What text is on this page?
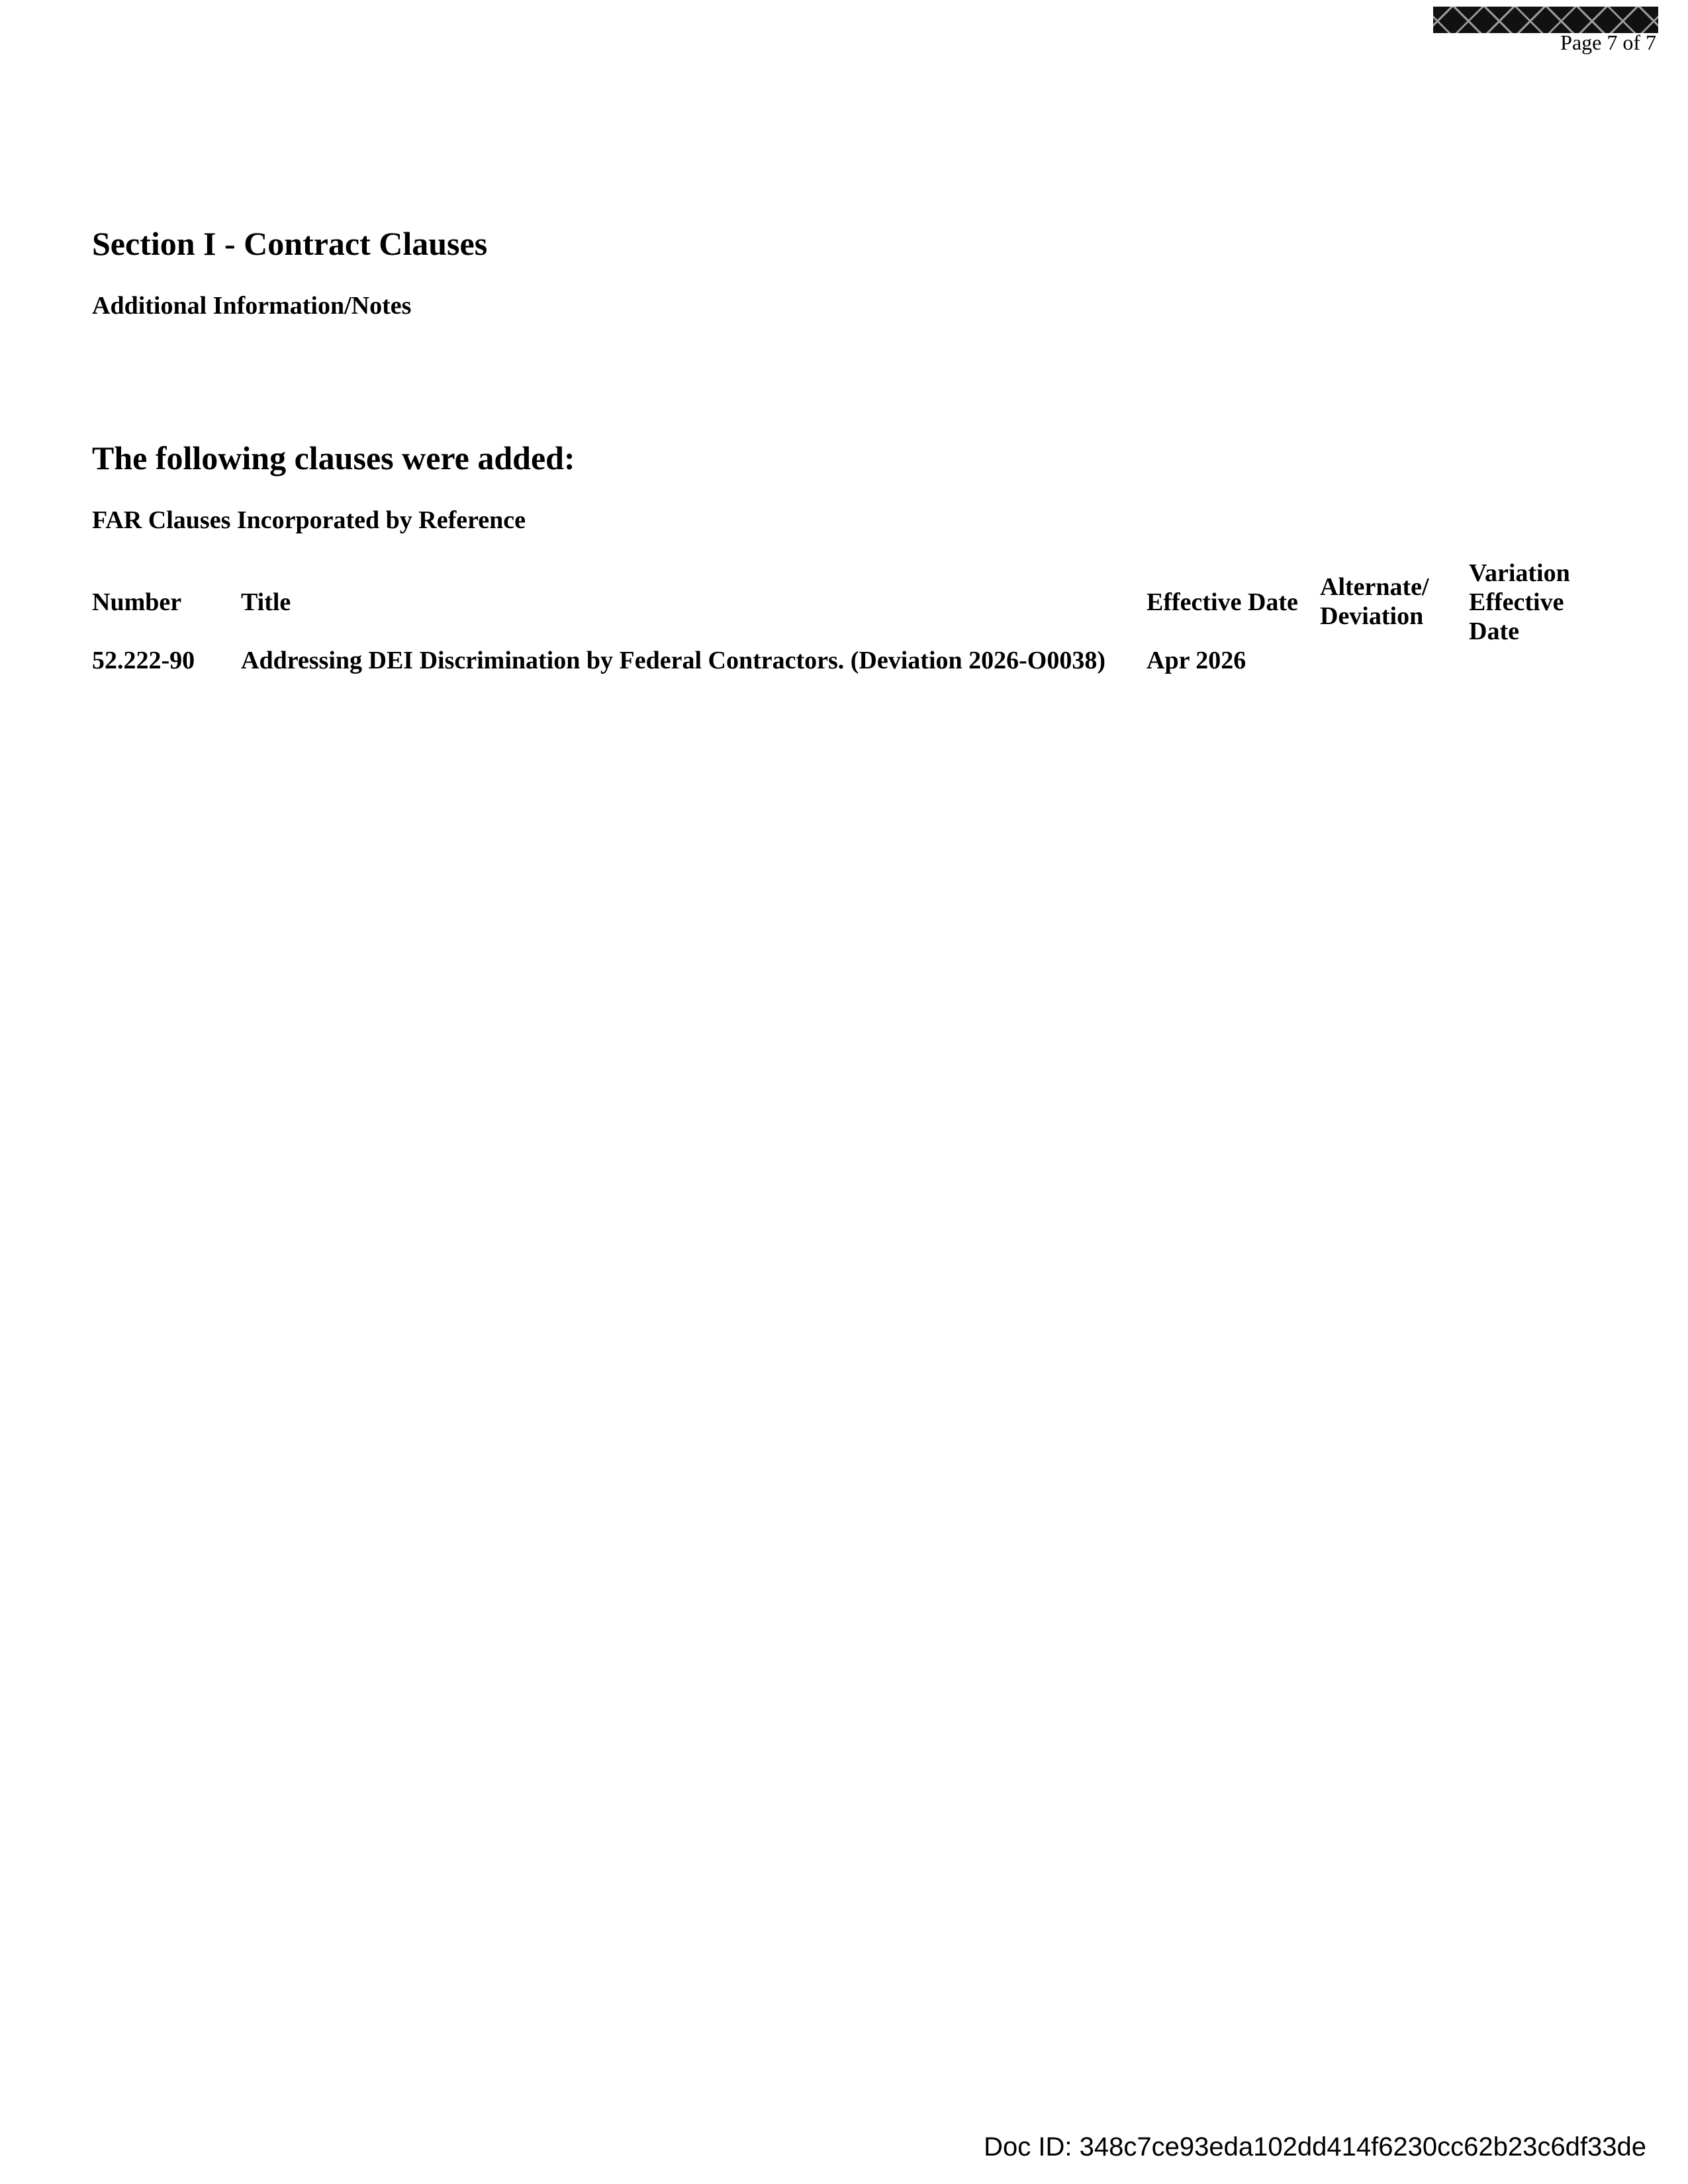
Page 7 of 7
Section I - Contract Clauses
Additional Information/Notes
The following clauses were added:
FAR Clauses Incorporated by Reference
Number Title	Effective Date
Alternate/ Deviation
Variation Effective Date
52.222-90 Addressing DEI Discrimination by Federal Contractors. (Deviation 2026-O0038) Apr 2026
Doc ID: 348c7ce93eda102dd414f6230cc62b23c6df33de
